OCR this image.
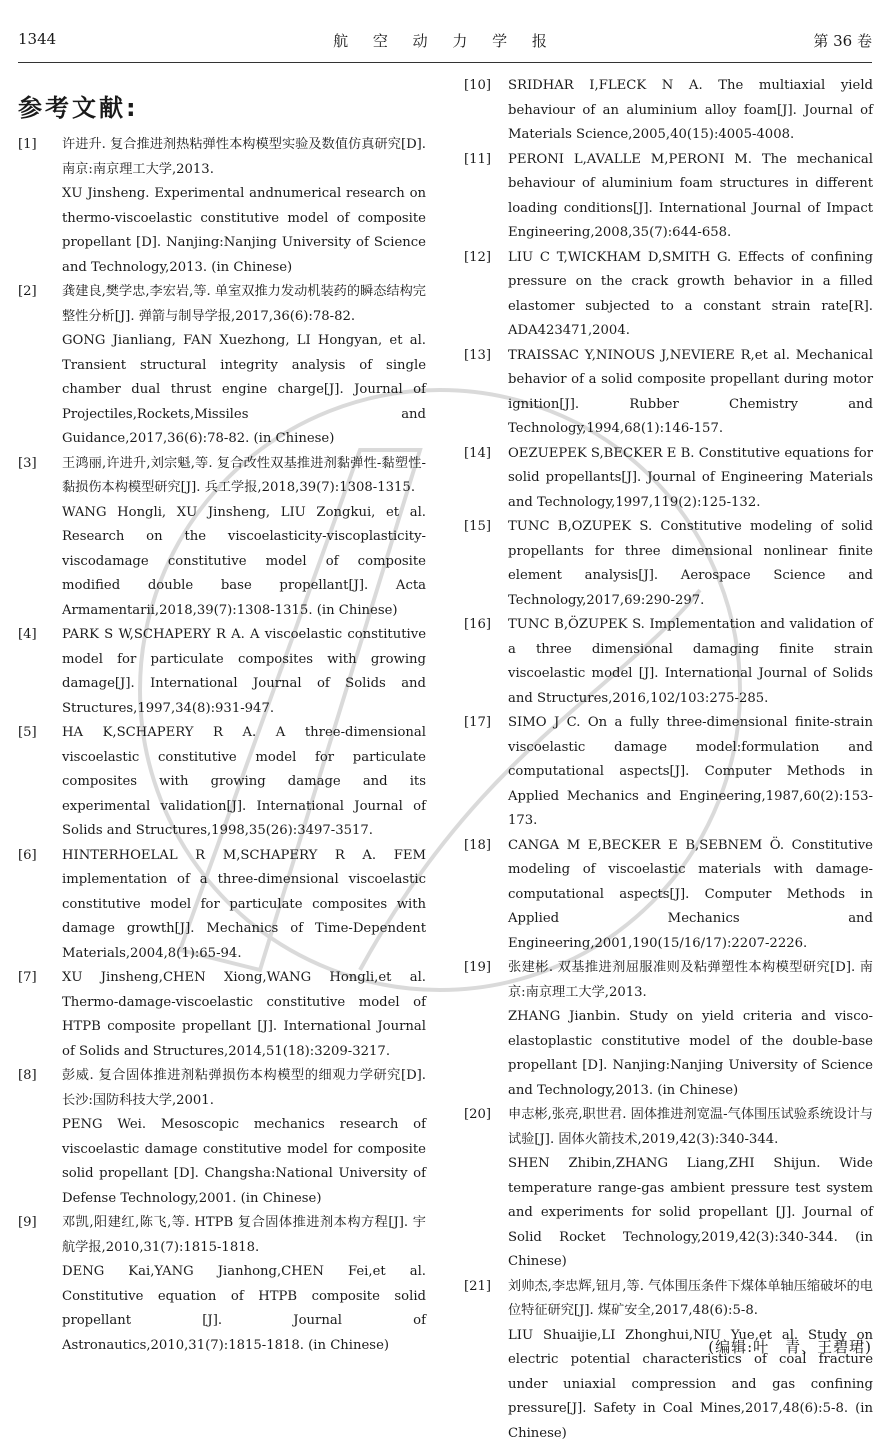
1344	航 空 动 力 学 报	第 36 卷
参考文献:
[1] 许进升. 复合推进剂热粘弹性本构模型实验及数值仿真研究[D]. 南京:南京理工大学,2013.
XU Jinsheng. Experimental andnumerical research on thermo-viscoelastic constitutive model of composite propellant [D]. Nanjing:Nanjing University of Science and Technology,2013. (in Chinese)
[2] 龚建良,樊学忠,李宏岩,等. 单室双推力发动机装药的瞬态结构完整性分析[J]. 弹箭与制导学报,2017,36(6):78-82.
GONG Jianliang, FAN Xuezhong, LI Hongyan, et al. Transient structural integrity analysis of single chamber dual thrust engine charge[J]. Journal of Projectiles,Rockets,Missiles and Guidance,2017,36(6):78-82. (in Chinese)
[3] 王鸿丽,许进升,刘宗魁,等. 复合改性双基推进剂黏弹性-黏塑性-黏损伤本构模型研究[J]. 兵工学报,2018,39(7):1308-1315.
WANG Hongli, XU Jinsheng, LIU Zongkui, et al. Research on the viscoelasticity-viscoplasticity-viscodamage constitutive model of composite modified double base propellant[J]. Acta Armamentarii,2018,39(7):1308-1315. (in Chinese)
[4] PARK S W,SCHAPERY R A. A viscoelastic constitutive model for particulate composites with growing damage[J]. International Journal of Solids and Structures,1997,34(8):931-947.
[5] HA K,SCHAPERY R A. A three-dimensional viscoelastic constitutive model for particulate composites with growing damage and its experimental validation[J]. International Journal of Solids and Structures,1998,35(26):3497-3517.
[6] HINTERHOELAL R M,SCHAPERY R A. FEM implementation of a three-dimensional viscoelastic constitutive model for particulate composites with damage growth[J]. Mechanics of Time-Dependent Materials,2004,8(1):65-94.
[7] XU Jinsheng,CHEN Xiong,WANG Hongli,et al. Thermo-damage-viscoelastic constitutive model of HTPB composite propellant [J]. International Journal of Solids and Structures,2014,51(18):3209-3217.
[8] 彭威. 复合固体推进剂粘弹损伤本构模型的细观力学研究[D]. 长沙:国防科技大学,2001.
PENG Wei. Mesoscopic mechanics research of viscoelastic damage constitutive model for composite solid propellant [D]. Changsha:National University of Defense Technology,2001. (in Chinese)
[9] 邓凯,阳建红,陈飞,等. HTPB 复合固体推进剂本构方程[J]. 宇航学报,2010,31(7):1815-1818.
DENG Kai,YANG Jianhong,CHEN Fei,et al. Constitutive equation of HTPB composite solid propellant [J]. Journal of Astronautics,2010,31(7):1815-1818. (in Chinese)
[10] SRIDHAR I,FLECK N A. The multiaxial yield behaviour of an aluminium alloy foam[J]. Journal of Materials Science,2005,40(15):4005-4008.
[11] PERONI L,AVALLE M,PERONI M. The mechanical behaviour of aluminium foam structures in different loading conditions[J]. International Journal of Impact Engineering,2008,35(7):644-658.
[12] LIU C T,WICKHAM D,SMITH G. Effects of confining pressure on the crack growth behavior in a filled elastomer subjected to a constant strain rate[R]. ADA423471,2004.
[13] TRAISSAC Y,NINOUS J,NEVIERE R,et al. Mechanical behavior of a solid composite propellant during motor ignition[J]. Rubber Chemistry and Technology,1994,68(1):146-157.
[14] OEZUEPEK S,BECKER E B. Constitutive equations for solid propellants[J]. Journal of Engineering Materials and Technology,1997,119(2):125-132.
[15] TUNC B,OZUPEK S. Constitutive modeling of solid propellants for three dimensional nonlinear finite element analysis[J]. Aerospace Science and Technology,2017,69:290-297.
[16] TUNC B,ÖZUPEK S. Implementation and validation of a three dimensional damaging finite strain viscoelastic model [J]. International Journal of Solids and Structures,2016,102/103:275-285.
[17] SIMO J C. On a fully three-dimensional finite-strain viscoelastic damage model:formulation and computational aspects[J]. Computer Methods in Applied Mechanics and Engineering,1987,60(2):153-173.
[18] CANGA M E,BECKER E B,SEBNEM Ö. Constitutive modeling of viscoelastic materials with damage-computational aspects[J]. Computer Methods in Applied Mechanics and Engineering,2001,190(15/16/17):2207-2226.
[19] 张建彬. 双基推进剂屈服准则及粘弹塑性本构模型研究[D]. 南京:南京理工大学,2013.
ZHANG Jianbin. Study on yield criteria and visco-elastoplastic constitutive model of the double-base propellant [D]. Nanjing:Nanjing University of Science and Technology,2013. (in Chinese)
[20] 申志彬,张亮,职世君. 固体推进剂宽温-气体围压试验系统设计与试验[J]. 固体火箭技术,2019,42(3):340-344.
SHEN Zhibin,ZHANG Liang,ZHI Shijun. Wide temperature range-gas ambient pressure test system and experiments for solid propellant [J]. Journal of Solid Rocket Technology,2019,42(3):340-344. (in Chinese)
[21] 刘帅杰,李忠辉,钮月,等. 气体围压条件下煤体单轴压缩破坏的电位特征研究[J]. 煤矿安全,2017,48(6):5-8.
LIU Shuaijie,LI Zhonghui,NIU Yue,et al. Study on electric potential characteristics of coal fracture under uniaxial compression and gas confining pressure[J]. Safety in Coal Mines,2017,48(6):5-8. (in Chinese)
(编辑:叶　青、王碧珺)
